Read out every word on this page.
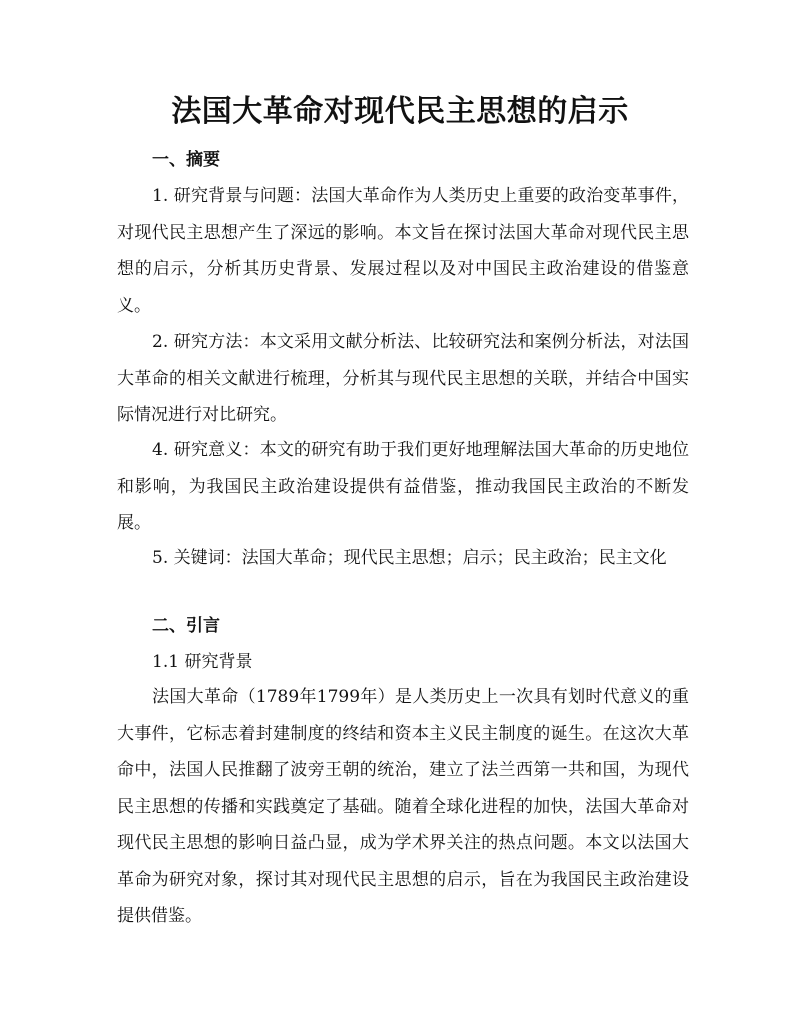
法国大革命对现代民主思想的启示
一、摘要

1. 研究背景与问题：法国大革命作为人类历史上重要的政治变革事件，对现代民主思想产生了深远的影响。本文旨在探讨法国大革命对现代民主思想的启示，分析其历史背景、发展过程以及对中国民主政治建设的借鉴意义。

2. 研究方法：本文采用文献分析法、比较研究法和案例分析法，对法国大革命的相关文献进行梳理，分析其与现代民主思想的关联，并结合中国实际情况进行对比研究。

4. 研究意义：本文的研究有助于我们更好地理解法国大革命的历史地位和影响，为我国民主政治建设提供有益借鉴，推动我国民主政治的不断发展。

5. 关键词：法国大革命；现代民主思想；启示；民主政治；民主文化

二、引言
1.1 研究背景

法国大革命（1789年1799年）是人类历史上一次具有划时代意义的重大事件，它标志着封建制度的终结和资本主义民主制度的诞生。在这次大革命中，法国人民推翻了波旁王朝的统治，建立了法兰西第一共和国，为现代民主思想的传播和实践奠定了基础。随着全球化进程的加快，法国大革命对现代民主思想的影响日益凸显，成为学术界关注的热点问题。本文以法国大革命为研究对象，探讨其对现代民主思想的启示，旨在为我国民主政治建设提供借鉴。
